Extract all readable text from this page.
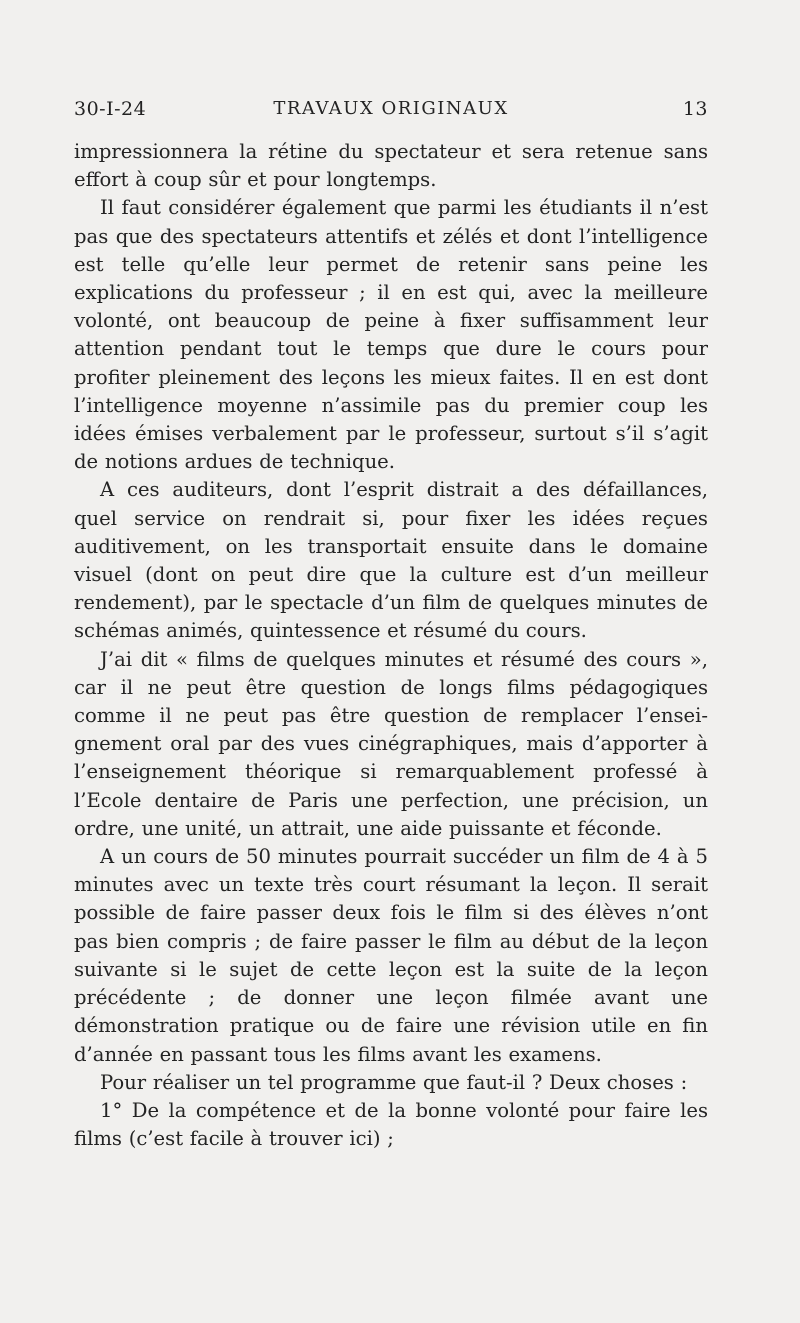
30-I-24	TRAVAUX ORIGINAUX	13

impressionnera la rétine du spectateur et sera retenue sans effort à coup sûr et pour longtemps.

Il faut considérer également que parmi les étudiants il n’est pas que des spectateurs attentifs et zélés et dont l’intelligence est telle qu’elle leur permet de retenir sans peine les explications du professeur ; il en est qui, avec la meilleure volonté, ont beaucoup de peine à fixer suffisamment leur attention pendant tout le temps que dure le cours pour profiter pleinement des leçons les mieux faites. Il en est dont l’intelligence moyenne n’assimile pas du premier coup les idées émises verbalement par le professeur, surtout s’il s’agit de notions ardues de technique.

A ces auditeurs, dont l’esprit distrait a des défaillances, quel service on rendrait si, pour fixer les idées reçues auditivement, on les transportait ensuite dans le domaine visuel (dont on peut dire que la culture est d’un meilleur rendement), par le spectacle d’un film de quelques minutes de schémas animés, quintessence et résumé du cours.

J’ai dit « films de quelques minutes et résumé des cours », car il ne peut être question de longs films pédagogiques comme il ne peut pas être question de remplacer l’enseignement oral par des vues cinégraphiques, mais d’apporter à l’enseignement théorique si remarquablement professé à l’Ecole dentaire de Paris une perfection, une précision, un ordre, une unité, un attrait, une aide puissante et féconde.

A un cours de 50 minutes pourrait succéder un film de 4 à 5 minutes avec un texte très court résumant la leçon. Il serait possible de faire passer deux fois le film si des élèves n’ont pas bien compris ; de faire passer le film au début de la leçon suivante si le sujet de cette leçon est la suite de la leçon précédente ; de donner une leçon filmée avant une démonstration pratique ou de faire une révision utile en fin d’année en passant tous les films avant les examens.

Pour réaliser un tel programme que faut-il ? Deux choses :

1° De la compétence et de la bonne volonté pour faire les films (c’est facile à trouver ici) ;
